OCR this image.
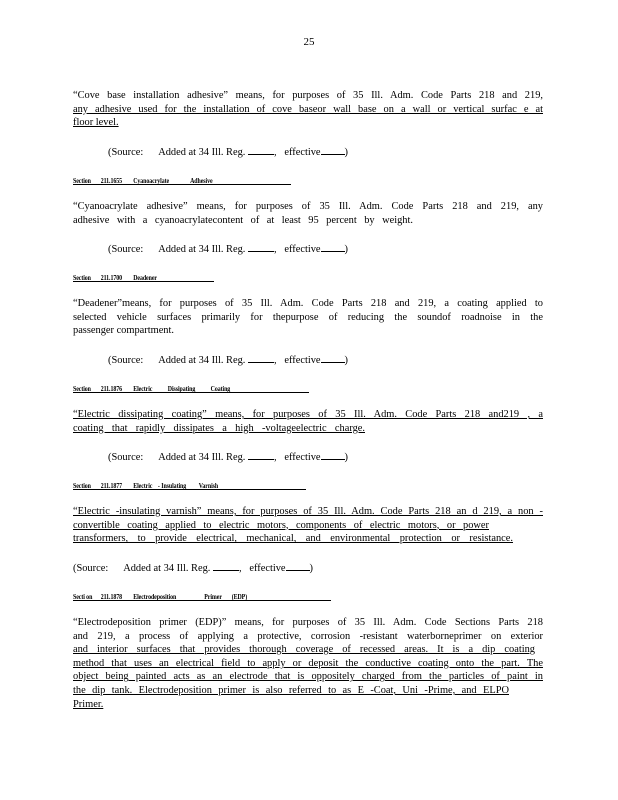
25
“Cove base installation adhesive” means, for purposes of 35 Ill. Adm. Code Parts 218 and 219,
any adhesive used for the installation of cove baseor wall base on a wall or vertical surfac e at
floor level.
(Source: Added at 34 Ill. Reg.	,   effective )
Section 211.1655 Cyanoacrylate	Adhesive
“Cyanoacrylate adhesive” means, for purposes of 35 Ill. Adm. Code Parts 218 and 219, any
adhesive with a cyanoacrylatecontent of at least 95 percent by weight.
(Source: Added at 34 Ill. Reg.	,   effective )
Section 211.1700 Deadener
“Deadener”means, for purposes of 35 Ill. Adm. Code Parts 218 and 219, a coating applied to
selected vehicle surfaces primarily for thepurpose of reducing the soundof roadnoise in the
passenger compartment.
(Source: Added at 34 Ill. Reg.	,   effective )
Section 211.1876 Electric Dissipating Coating
“Electric dissipating coating” means, for purposes of 35 Ill. Adm. Code Parts 218 and219 , a
coating that rapidly dissipates a high -voltageelectric charge.
(Source: Added at 34 Ill. Reg.	,   effective )
Section 211.1877 Electric - Insulating Varnish
“Electric -insulating varnish” means, for purposes of 35 Ill. Adm. Code Parts 218 an d 219, a non -
convertible coating applied to electric motors, components of electric motors, or power
transformers, to provide electrical, mechanical, and environmental protection or resistance.
(Source: Added at 34 Ill. Reg.	,   effective )
Secti on 211.1878 Electrodeposition	Primer (EDP)
“Electrodeposition primer (EDP)” means, for purposes of 35 Ill. Adm. Code Sections Parts 218
and 219, a process of applying a protective, corrosion -resistant waterborneprimer on exterior
and interior surfaces that provides thorough coverage of recessed areas. It is a dip coating
method that uses an electrical field to apply or deposit the conductive coating onto the part. The
object being painted acts as an electrode that is oppositely charged from the particles of paint in
the dip tank. Electrodeposition primer is also referred to as E -Coat, Uni -Prime, and ELPO
Primer.
